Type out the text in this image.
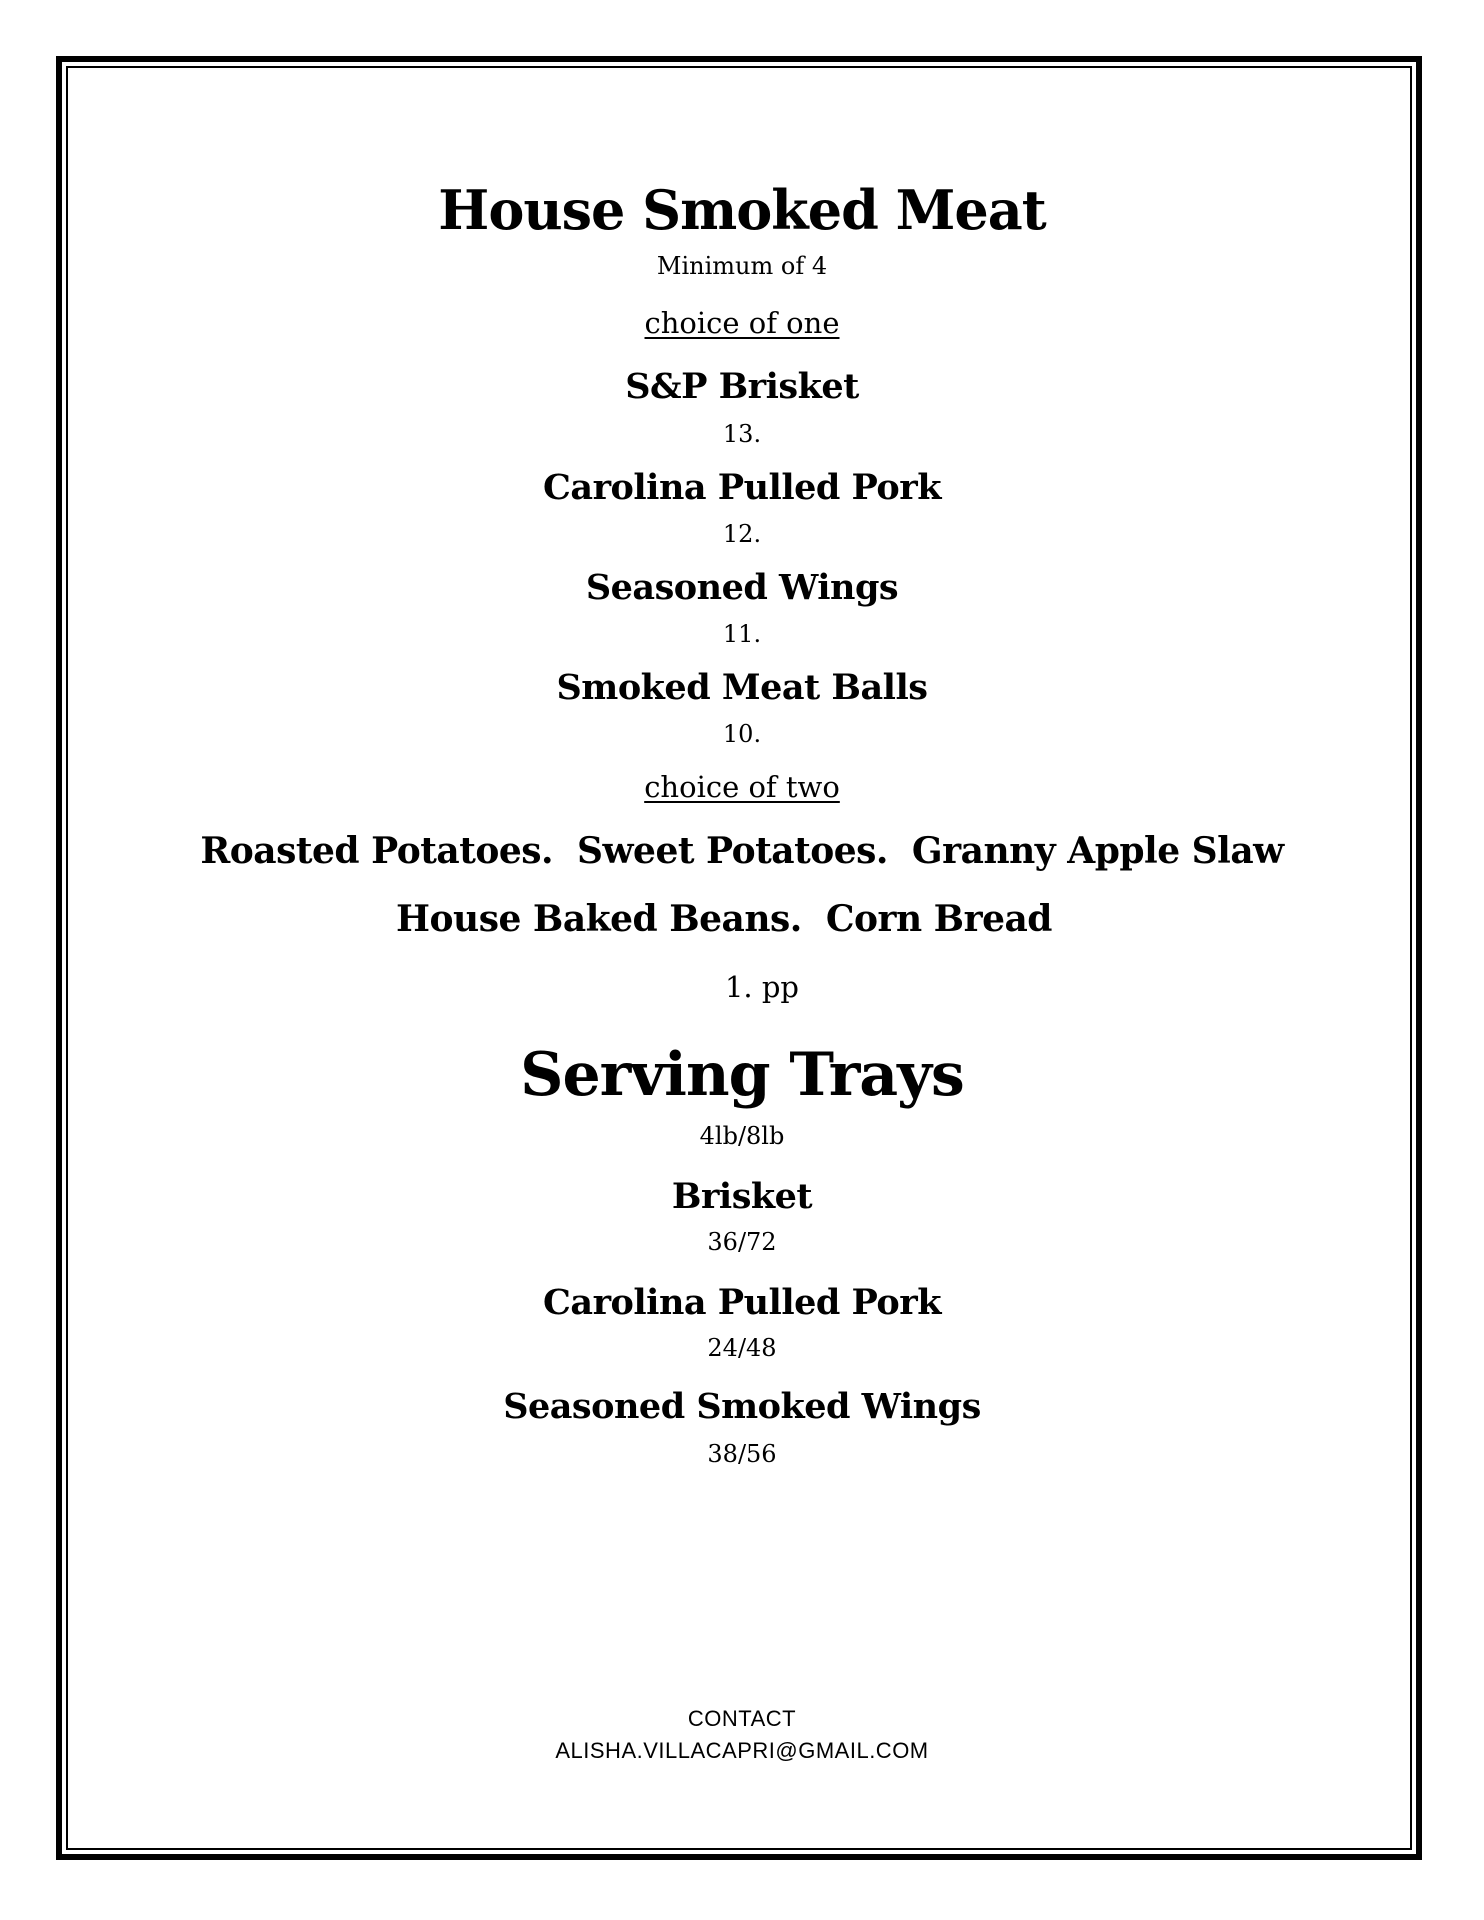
House Smoked Meat
Minimum of 4
choice of one
S&P Brisket
13.
Carolina Pulled Pork
12.
Seasoned Wings
11.
Smoked Meat Balls
10.
choice of two
Roasted Potatoes. Sweet Potatoes. Granny Apple Slaw
House Baked Beans. Corn Bread
1. pp
Serving Trays
4lb/8lb
Brisket
36/72
Carolina Pulled Pork
24/48
Seasoned Smoked Wings
38/56
CONTACT
ALISHA.VILLACAPRI@GMAIL.COM
